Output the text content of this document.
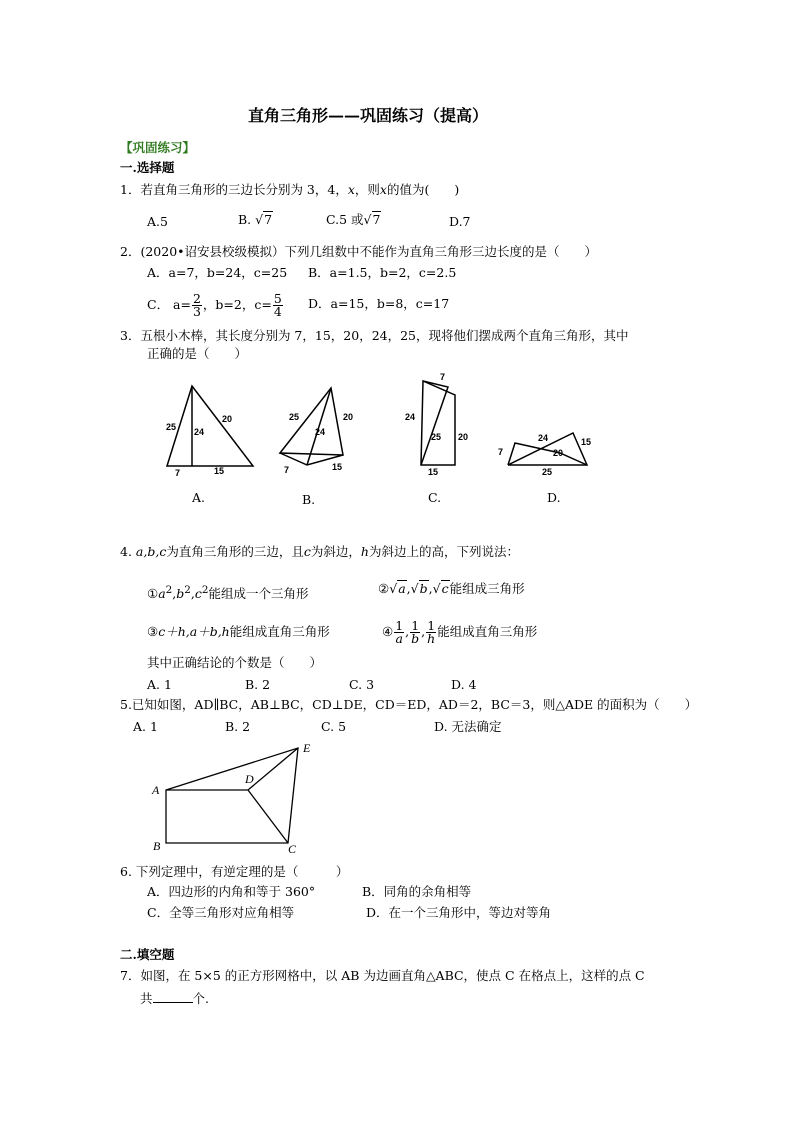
直角三角形——巩固练习（提高）
【巩固练习】
一.选择题
1．若直角三角形的三边长分别为 3，4，x，则x的值为(　　)
A.5	B. √7	C.5 或√7	D.7
2．(2020•诏安县校级模拟）下列几组数中不能作为直角三角形三边长度的是（　　）
A．a=7，b=24，c=25 B．a=1.5，b=2，c=2.5
C． $a= \frac{2}{3}$ ，b=2，$c= \frac{5}{4}$ D．a=15，b=8，c=17
3．五根小木棒，其长度分别为 7，15，20，24，25，现将他们摆成两个直角三角形，其中
正确的是（　　）
25 24
20
7	15
A.
25	20
24
7	15
B.
7
24
25 20
15
C.
7
24	15
20
25
D.
4. a,b,c为直角三角形的三边，且c为斜边，h为斜边上的高，下列说法：
$①a^2,b^2,c^2$能组成一个三角形	②√a,√b,√c能组成三角形
③c＋h,a＋b,h能组成直角三角形	④ $\frac{1}{a}$ , $\frac{1}{b}$ , $\frac{1}{h}$ 能组成直角三角形
其中正确结论的个数是（　　）
A. 1	B. 2	C. 3	D. 4
5.已知如图，AD∥BC，AB⊥BC，CD⊥DE，CD＝ED，AD＝2，BC＝3，则△ADE 的面积为（　　）
A. 1	B. 2	C. 5	D. 无法确定
A
B	C
D
E
6. 下列定理中，有逆定理的是（　　　）
A．四边形的内角和等于 360°	B．同角的余角相等
C．全等三角形对应角相等	D．在一个三角形中，等边对等角
二.填空题
7．如图，在 5×5 的正方形网格中，以 AB 为边画直角△ABC，使点 C 在格点上，这样的点 C
共	个.
